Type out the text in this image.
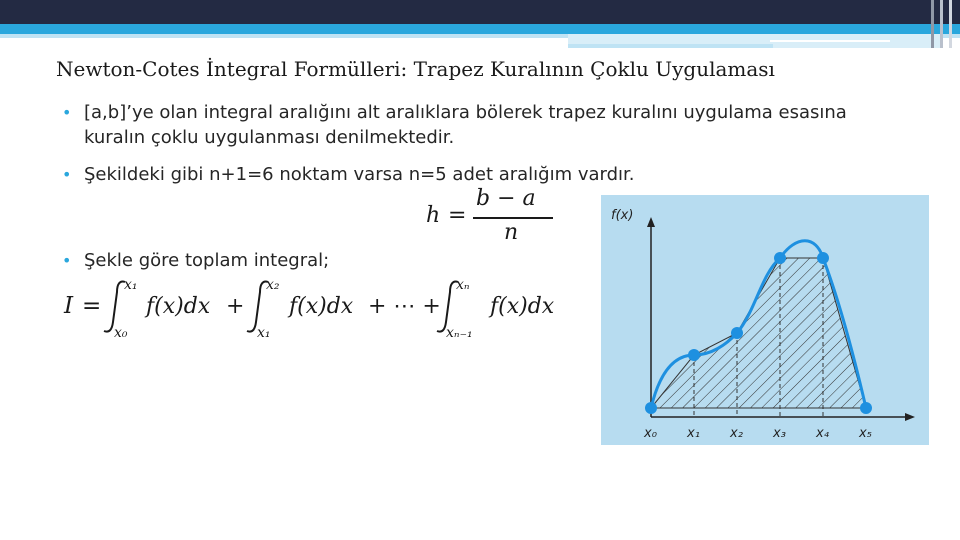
Newton-Cotes İntegral Formülleri: Trapez Kuralının Çoklu Uygulaması
• [a,b]’ye olan integral aralığını alt aralıklara bölerek trapez kuralını uygulama esasına kuralın çoklu uygulanması denilmektedir.
• Şekildeki gibi n+1=6 noktam varsa n=5 adet aralığım vardır.
• Şekle göre toplam integral;
h =
b − a
n
I =
x₁
x₀
f(x)dx +
x₂
x₁
f(x)dx + ⋯ +
xₙ
xₙ₋₁
f(x)dx
f(x)
x₀ x₁ x₂ x₃ x₄ x₅
